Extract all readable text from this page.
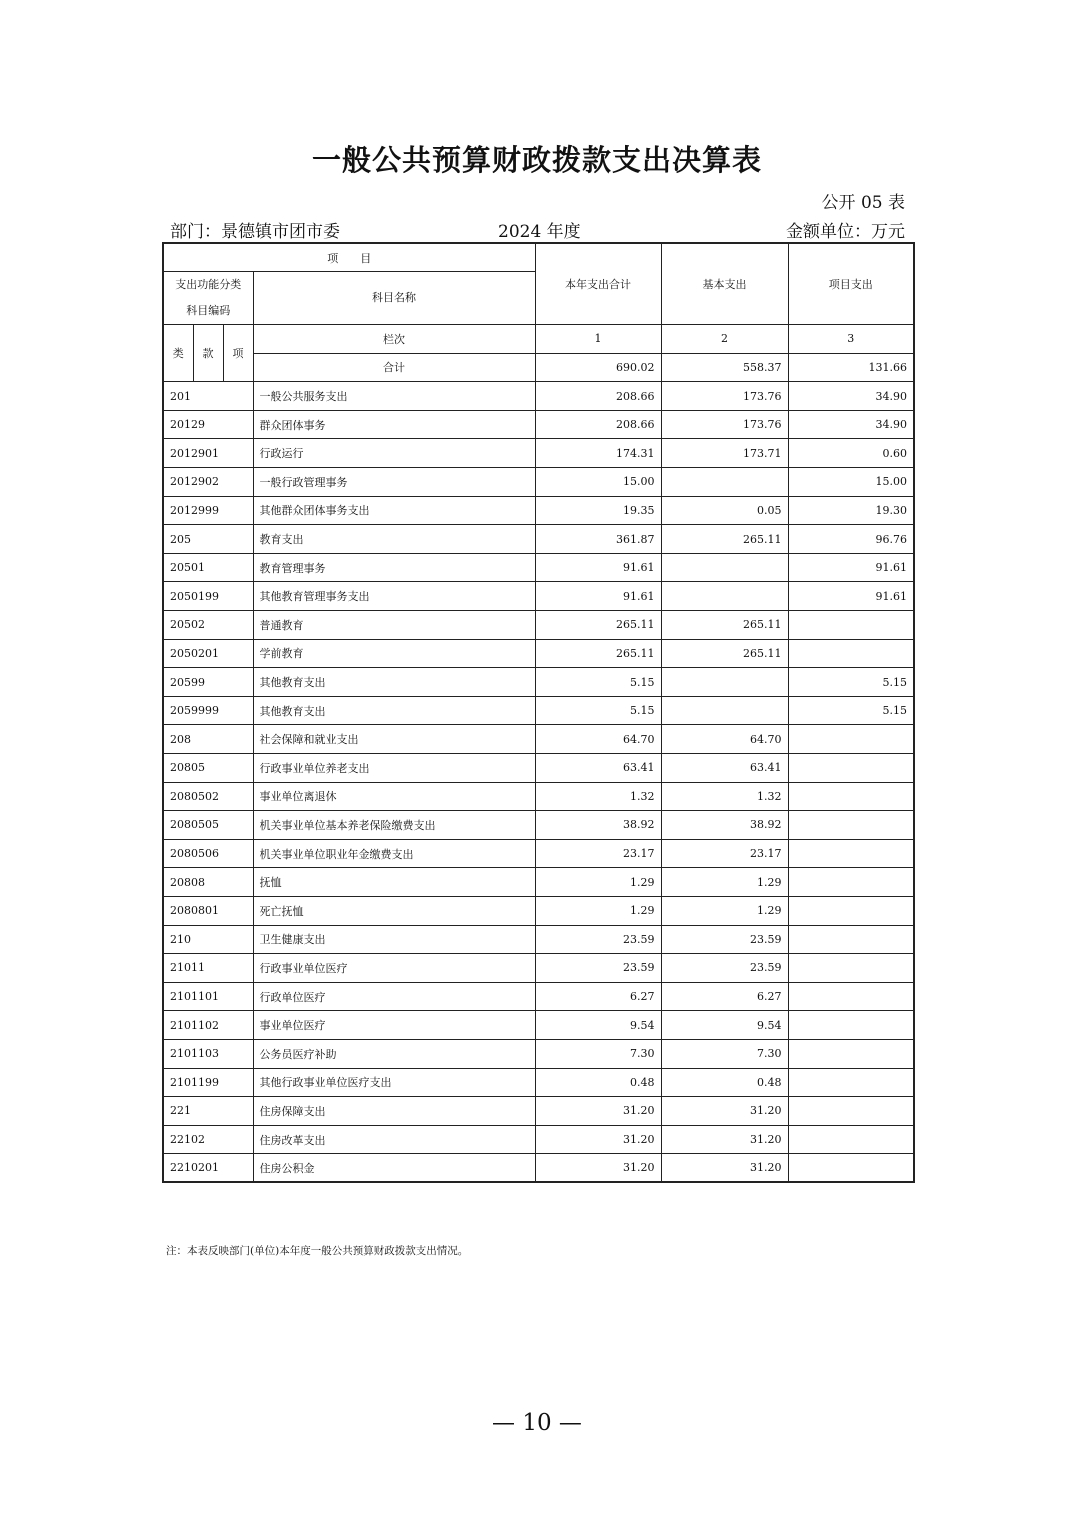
一般公共预算财政拨款支出决算表
公开 05 表
部门：景德镇市团市委	2024 年度	金额单位：万元
项　　目				本年支出合计	基本支出	项目支出
支出功能分类科目编码			科目名称			
类	款	项	栏次	1	2	3
			合计	690.02	558.37	131.66
201			一般公共服务支出	208.66	173.76	34.90
20129			群众团体事务	208.66	173.76	34.90
2012901			行政运行	174.31	173.71	0.60
2012902			一般行政管理事务	15.00		15.00
2012999			其他群众团体事务支出	19.35	0.05	19.30
205			教育支出	361.87	265.11	96.76
20501			教育管理事务	91.61		91.61
2050199			其他教育管理事务支出	91.61		91.61
20502			普通教育	265.11	265.11	
2050201			学前教育	265.11	265.11	
20599			其他教育支出	5.15		5.15
2059999			其他教育支出	5.15		5.15
208			社会保障和就业支出	64.70	64.70	
20805			行政事业单位养老支出	63.41	63.41	
2080502			事业单位离退休	1.32	1.32	
2080505			机关事业单位基本养老保险缴费支出	38.92	38.92	
2080506			机关事业单位职业年金缴费支出	23.17	23.17	
20808			抚恤	1.29	1.29	
2080801			死亡抚恤	1.29	1.29	
210			卫生健康支出	23.59	23.59	
21011			行政事业单位医疗	23.59	23.59	
2101101			行政单位医疗	6.27	6.27	
2101102			事业单位医疗	9.54	9.54	
2101103			公务员医疗补助	7.30	7.30	
2101199			其他行政事业单位医疗支出	0.48	0.48	
221			住房保障支出	31.20	31.20	
22102			住房改革支出	31.20	31.20	
2210201			住房公积金	31.20	31.20	
注：本表反映部门(单位)本年度一般公共预算财政拨款支出情况。
— 10 —
